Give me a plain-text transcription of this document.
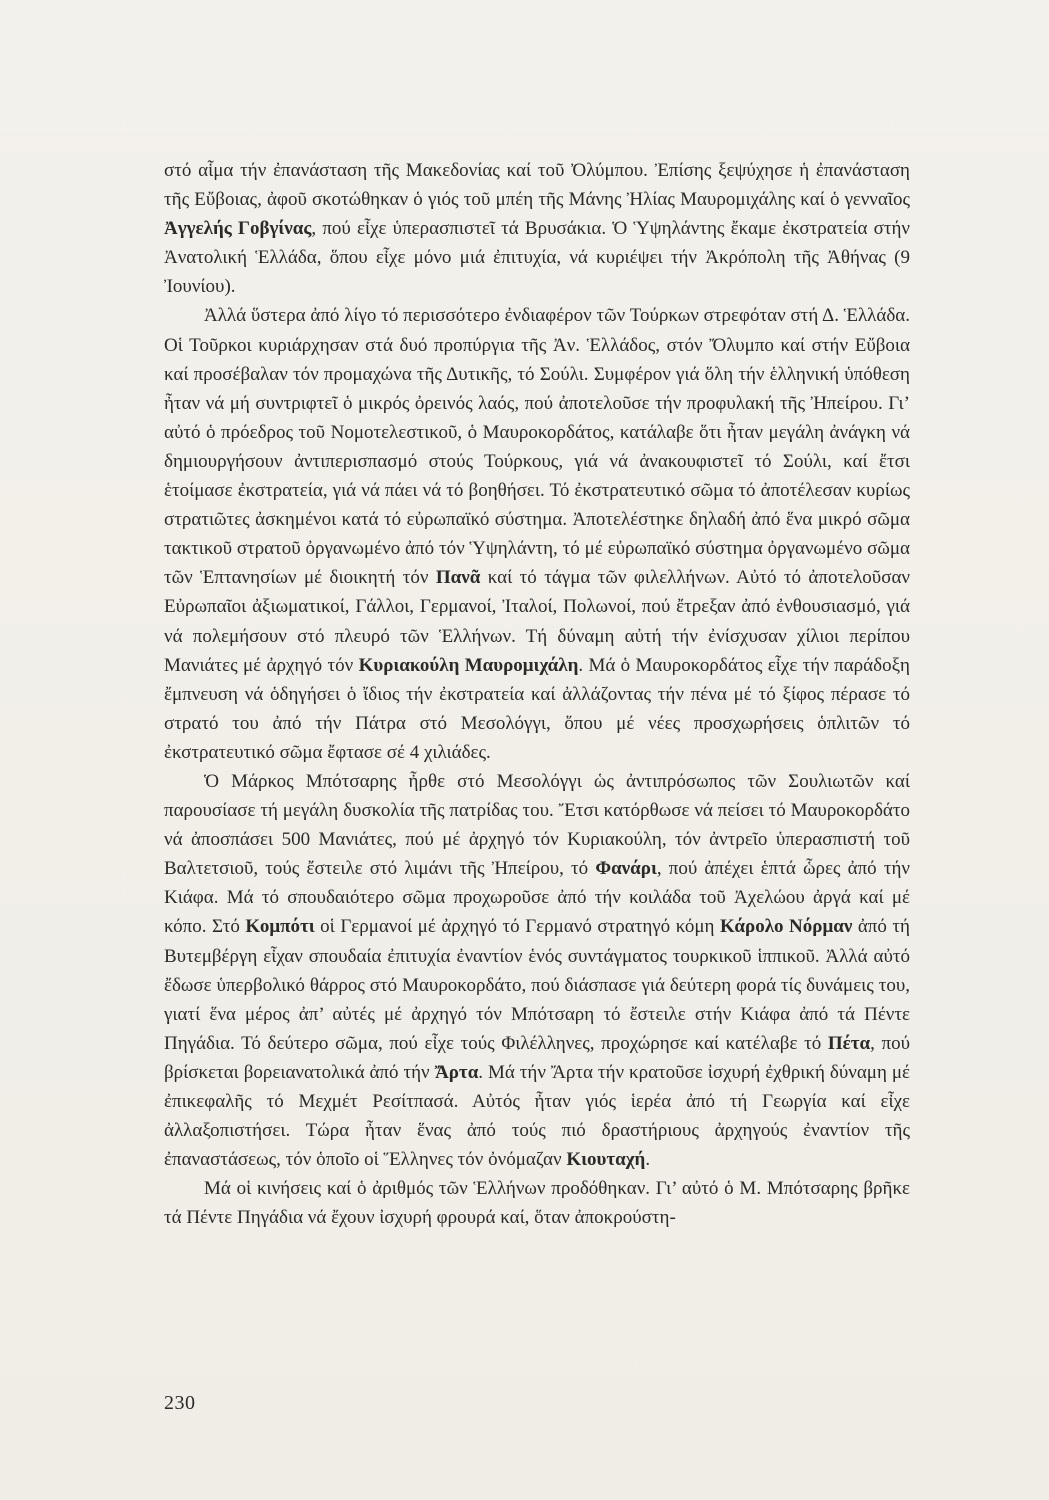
στό αἷμα τήν ἐπανάσταση τῆς Μακεδονίας καί τοῦ Ὀλύμπου. Ἐπίσης ξεψύχησε ἡ ἐπανάσταση τῆς Εὔβοιας, ἀφοῦ σκοτώθηκαν ὁ γιός τοῦ μπέη τῆς Μάνης Ἠλίας Μαυρομιχάλης καί ὁ γενναῖος Ἀγγελής Γοβγίνας, πού εἶχε ὑπερασπιστεῖ τά Βρυσάκια. Ὁ Ὑψηλάντης ἔκαμε ἐκστρατεία στήν Ἀνατολική Ἑλλάδα, ὅπου εἶχε μόνο μιά ἐπιτυχία, νά κυριέψει τήν Ἀκρόπολη τῆς Ἀθήνας (9 Ἰουνίου).

Ἀλλά ὕστερα ἀπό λίγο τό περισσότερο ἐνδιαφέρον τῶν Τούρκων στρεφόταν στή Δ. Ἑλλάδα. Οἱ Τοῦρκοι κυριάρχησαν στά δυό προπύργια τῆς Ἀν. Ἑλλάδος, στόν Ὄλυμπο καί στήν Εὔβοια καί προσέβαλαν τόν προμαχώνα τῆς Δυτικῆς, τό Σούλι. Συμφέρον γιά ὅλη τήν ἑλληνική ὑπόθεση ἦταν νά μή συντριφτεῖ ὁ μικρός ὀρεινός λαός, πού ἀποτελοῦσε τήν προφυλακή τῆς Ἠπείρου. Γι’ αὐτό ὁ πρόεδρος τοῦ Νομοτελεστικοῦ, ὁ Μαυροκορδάτος, κατάλαβε ὅτι ἦταν μεγάλη ἀνάγκη νά δημιουργήσουν ἀντιπερισπασμό στούς Τούρκους, γιά νά ἀνακουφιστεῖ τό Σούλι, καί ἔτσι ἑτοίμασε ἐκστρατεία, γιά νά πάει νά τό βοηθήσει. Τό ἐκστρατευτικό σῶμα τό ἀποτέλεσαν κυρίως στρατιῶτες ἀσκημένοι κατά τό εὐρωπαϊκό σύστημα. Ἀποτελέστηκε δηλαδή ἀπό ἕνα μικρό σῶμα τακτικοῦ στρατοῦ ὀργανωμένο ἀπό τόν Ὑψηλάντη, τό μέ εὐρωπαϊκό σύστημα ὀργανωμένο σῶμα τῶν Ἑπτανησίων μέ διοικητή τόν Πανᾶ καί τό τάγμα τῶν φιλελλήνων. Αὐτό τό ἀποτελοῦσαν Εὐρωπαῖοι ἀξιωματικοί, Γάλλοι, Γερμανοί, Ἰταλοί, Πολωνοί, πού ἔτρεξαν ἀπό ἐνθουσιασμό, γιά νά πολεμήσουν στό πλευρό τῶν Ἑλλήνων. Τή δύναμη αὐτή τήν ἐνίσχυσαν χίλιοι περίπου Μανιάτες μέ ἀρχηγό τόν Κυριακούλη Μαυρομιχάλη. Μά ὁ Μαυροκορδάτος εἶχε τήν παράδοξη ἔμπνευση νά ὁδηγήσει ὁ ἴδιος τήν ἐκστρατεία καί ἀλλάζοντας τήν πένα μέ τό ξίφος πέρασε τό στρατό του ἀπό τήν Πάτρα στό Μεσολόγγι, ὅπου μέ νέες προσχωρήσεις ὁπλιτῶν τό ἐκστρατευτικό σῶμα ἔφτασε σέ 4 χιλιάδες.

Ὁ Μάρκος Μπότσαρης ἦρθε στό Μεσολόγγι ὡς ἀντιπρόσωπος τῶν Σουλιωτῶν καί παρουσίασε τή μεγάλη δυσκολία τῆς πατρίδας του. Ἔτσι κατόρθωσε νά πείσει τό Μαυροκορδάτο νά ἀποσπάσει 500 Μανιάτες, πού μέ ἀρχηγό τόν Κυριακούλη, τόν ἀντρεῖο ὑπερασπιστή τοῦ Βαλτετσιοῦ, τούς ἔστειλε στό λιμάνι τῆς Ἠπείρου, τό Φανάρι, πού ἀπέχει ἑπτά ὧρες ἀπό τήν Κιάφα. Μά τό σπουδαιότερο σῶμα προχωροῦσε ἀπό τήν κοιλάδα τοῦ Ἀχελώου ἀργά καί μέ κόπο. Στό Κομπότι οἱ Γερμανοί μέ ἀρχηγό τό Γερμανό στρατηγό κόμη Κάρολο Νόρμαν ἀπό τή Βυτεμβέργη εἶχαν σπουδαία ἐπιτυχία ἐναντίον ἑνός συντάγματος τουρκικοῦ ἱππικοῦ. Ἀλλά αὐτό ἔδωσε ὑπερβολικό θάρρος στό Μαυροκορδάτο, πού διάσπασε γιά δεύτερη φορά τίς δυνάμεις του, γιατί ἕνα μέρος ἀπ’ αὐτές μέ ἀρχηγό τόν Μπότσαρη τό ἔστειλε στήν Κιάφα ἀπό τά Πέντε Πηγάδια. Τό δεύτερο σῶμα, πού εἶχε τούς Φιλέλληνες, προχώρησε καί κατέλαβε τό Πέτα, πού βρίσκεται βορειανατολικά ἀπό τήν Ἄρτα. Μά τήν Ἄρτα τήν κρατοῦσε ἰσχυρή ἐχθρική δύναμη μέ ἐπικεφαλῆς τό Μεχμέτ Ρεσίτπασά. Αὐτός ἦταν γιός ἱερέα ἀπό τή Γεωργία καί εἶχε ἀλλαξοπιστήσει. Τώρα ἦταν ἕνας ἀπό τούς πιό δραστήριους ἀρχηγούς ἐναντίον τῆς ἐπαναστάσεως, τόν ὁποῖο οἱ Ἕλληνες τόν ὀνόμαζαν Κιουταχή.

Μά οἱ κινήσεις καί ὁ ἀριθμός τῶν Ἑλλήνων προδόθηκαν. Γι’ αὐτό ὁ Μ. Μπότσαρης βρῆκε τά Πέντε Πηγάδια νά ἔχουν ἰσχυρή φρουρά καί, ὅταν ἀποκρούστη-

230
